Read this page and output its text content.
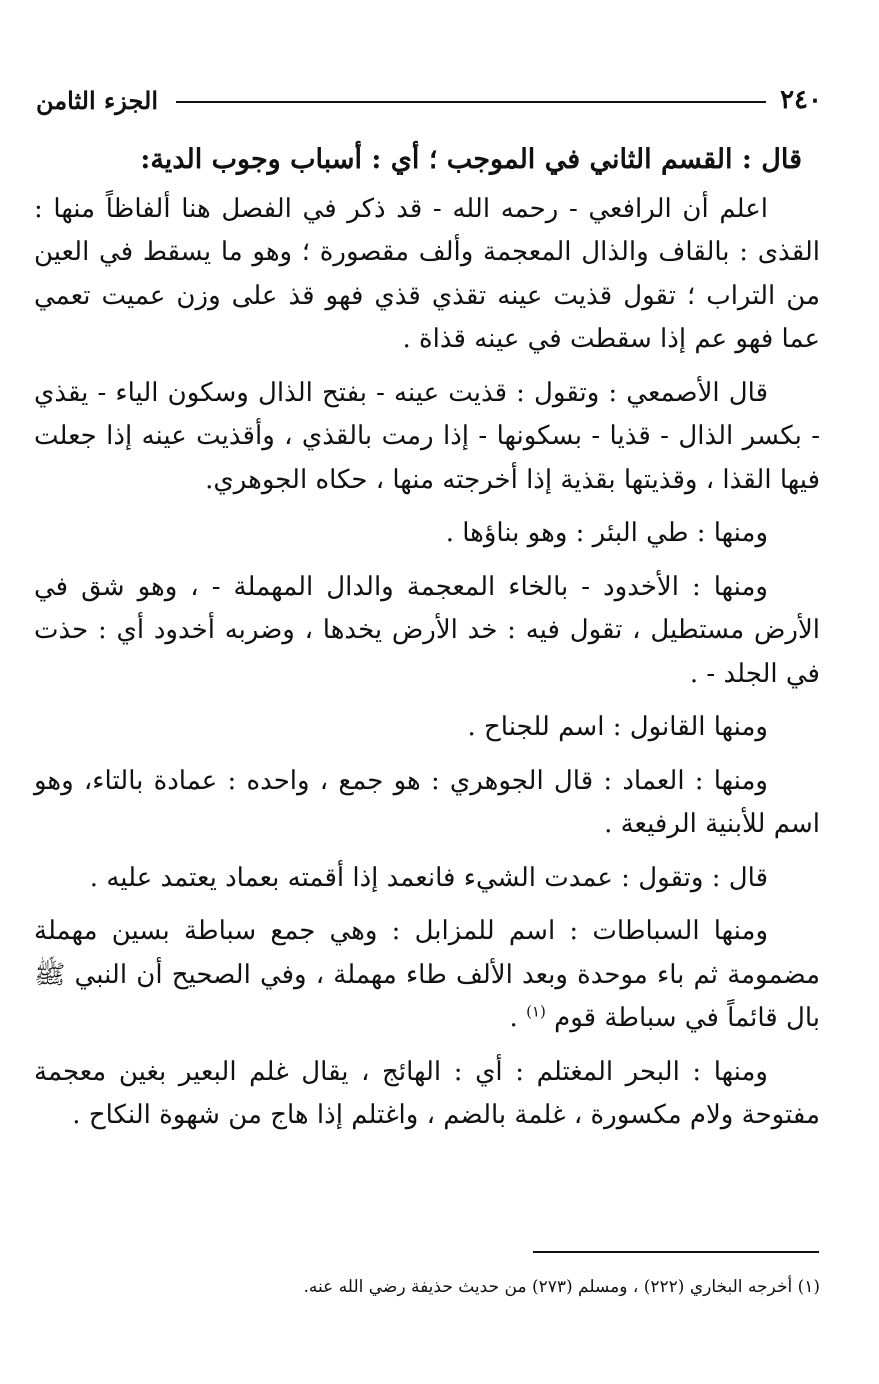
٢٤٠
الجزء الثامن

قال : القسم الثاني في الموجب ؛ أي : أسباب وجوب الدية:

اعلم أن الرافعي - رحمه الله - قد ذكر في الفصل هنا ألفاظاً منها : القذى : بالقاف والذال المعجمة وألف مقصورة ؛ وهو ما يسقط في العين من التراب ؛ تقول قذيت عينه تقذي قذي فهو قذ على وزن عميت تعمي عما فهو عم إذا سقطت في عينه قذاة .

قال الأصمعي : وتقول : قذيت عينه - بفتح الذال وسكون الياء - يقذي - بكسر الذال - قذيا - بسكونها - إذا رمت بالقذي ، وأقذيت عينه إذا جعلت فيها القذا ، وقذيتها بقذية إذا أخرجته منها ، حكاه الجوهري.

ومنها : طي البئر : وهو بناؤها .

ومنها : الأخدود - بالخاء المعجمة والدال المهملة - ، وهو شق في الأرض مستطيل ، تقول فيه : خد الأرض يخدها ، وضربه أخدود أي : حذت في الجلد - .

ومنها القانول : اسم للجناح .

ومنها : العماد : قال الجوهري : هو جمع ، واحده : عمادة بالتاء، وهو اسم للأبنية الرفيعة .

قال : وتقول : عمدت الشيء فانعمد إذا أقمته بعماد يعتمد عليه .

ومنها السباطات : اسم للمزابل : وهي جمع سباطة بسين مهملة مضمومة ثم باء موحدة وبعد الألف طاء مهملة ، وفي الصحيح أن النبي ﷺ بال قائماً في سباطة قوم $^{(١)}$ .

ومنها : البحر المغتلم : أي : الهائج ، يقال غلم البعير بغين معجمة مفتوحة ولام مكسورة ، غلمة بالضم ، واغتلم إذا هاج من شهوة النكاح .

(١) أخرجه البخاري (٢٢٢) ، ومسلم (٢٧٣) من حديث حذيفة رضي الله عنه.
